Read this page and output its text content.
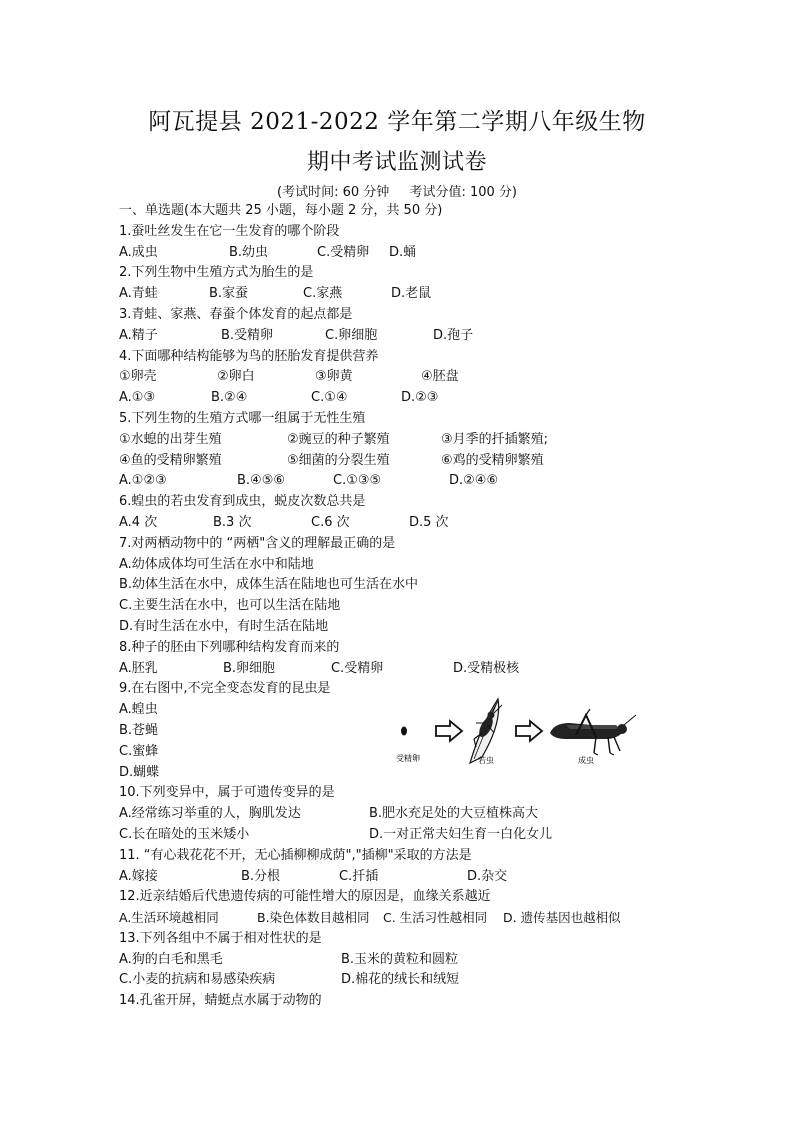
阿瓦提县 2021-2022 学年第二学期八年级生物
期中考试监测试卷
(考试时间: 60 分钟 考试分值: 100 分)
一、单选题(本大题共 25 小题，每小题 2 分，共 50 分)
1.蚕吐丝发生在它一生发育的哪个阶段
A.成虫	B.幼虫	C.受精卵 D.蛹
2.下列生物中生殖方式为胎生的是
A.青蛙	B.家蚕	C.家燕	D.老鼠
3.青蛙、家燕、春蚕个体发育的起点都是
A.精子	B.受精卵	C.卵细胞	D.孢子
4.下面哪种结构能够为鸟的胚胎发育提供营养
①卵壳	②卵白	③卵黄	④胚盘
A.①③	B.②④	C.①④	D.②③
5.下列生物的生殖方式哪一组属于无性生殖
①水螅的出芽生殖	②豌豆的种子繁殖	③月季的扦插繁殖;
④鱼的受精卵繁殖	⑤细菌的分裂生殖	⑥鸡的受精卵繁殖
A.①②③	B.④⑤⑥	C.①③⑤	D.②④⑥
6.蝗虫的若虫发育到成虫，蜕皮次数总共是
A.4 次	B.3 次	C.6 次	D.5 次
7.对两栖动物中的 “两栖"含义的理解最正确的是
A.幼体成体均可生活在水中和陆地
B.幼体生活在水中，成体生活在陆地也可生活在水中
C.主要生活在水中，也可以生活在陆地
D.有时生活在水中，有时生活在陆地
8.种子的胚由下列哪种结构发育而来的
A.胚乳	B.卵细胞	C.受精卵	D.受精极核
9.在右图中,不完全变态发育的昆虫是
A.蝗虫
B.苍蝇
C.蜜蜂
D.蝴蝶
10.下列变异中，属于可遗传变异的是
A.经常练习举重的人，胸肌发达	B.肥水充足处的大豆植株高大
C.长在暗处的玉米矮小	D.一对正常夫妇生育一白化女儿
11. “有心栽花花不开，无心插柳柳成荫","插柳"采取的方法是
A.嫁接	B.分根	C.扦插	D.杂交
12.近亲结婚后代患遗传病的可能性增大的原因是，血缘关系越近
A.生活环境越相同	B.染色体数目越相同 C. 生活习性越相同 D. 遗传基因也越相似
13.下列各组中不属于相对性状的是
A.狗的白毛和黑毛	B.玉米的黄粒和圆粒
C.小麦的抗病和易感染疾病	D.棉花的绒长和绒短
14.孔雀开屏，蜻蜓点水属于动物的
受精卵	若虫	成虫
